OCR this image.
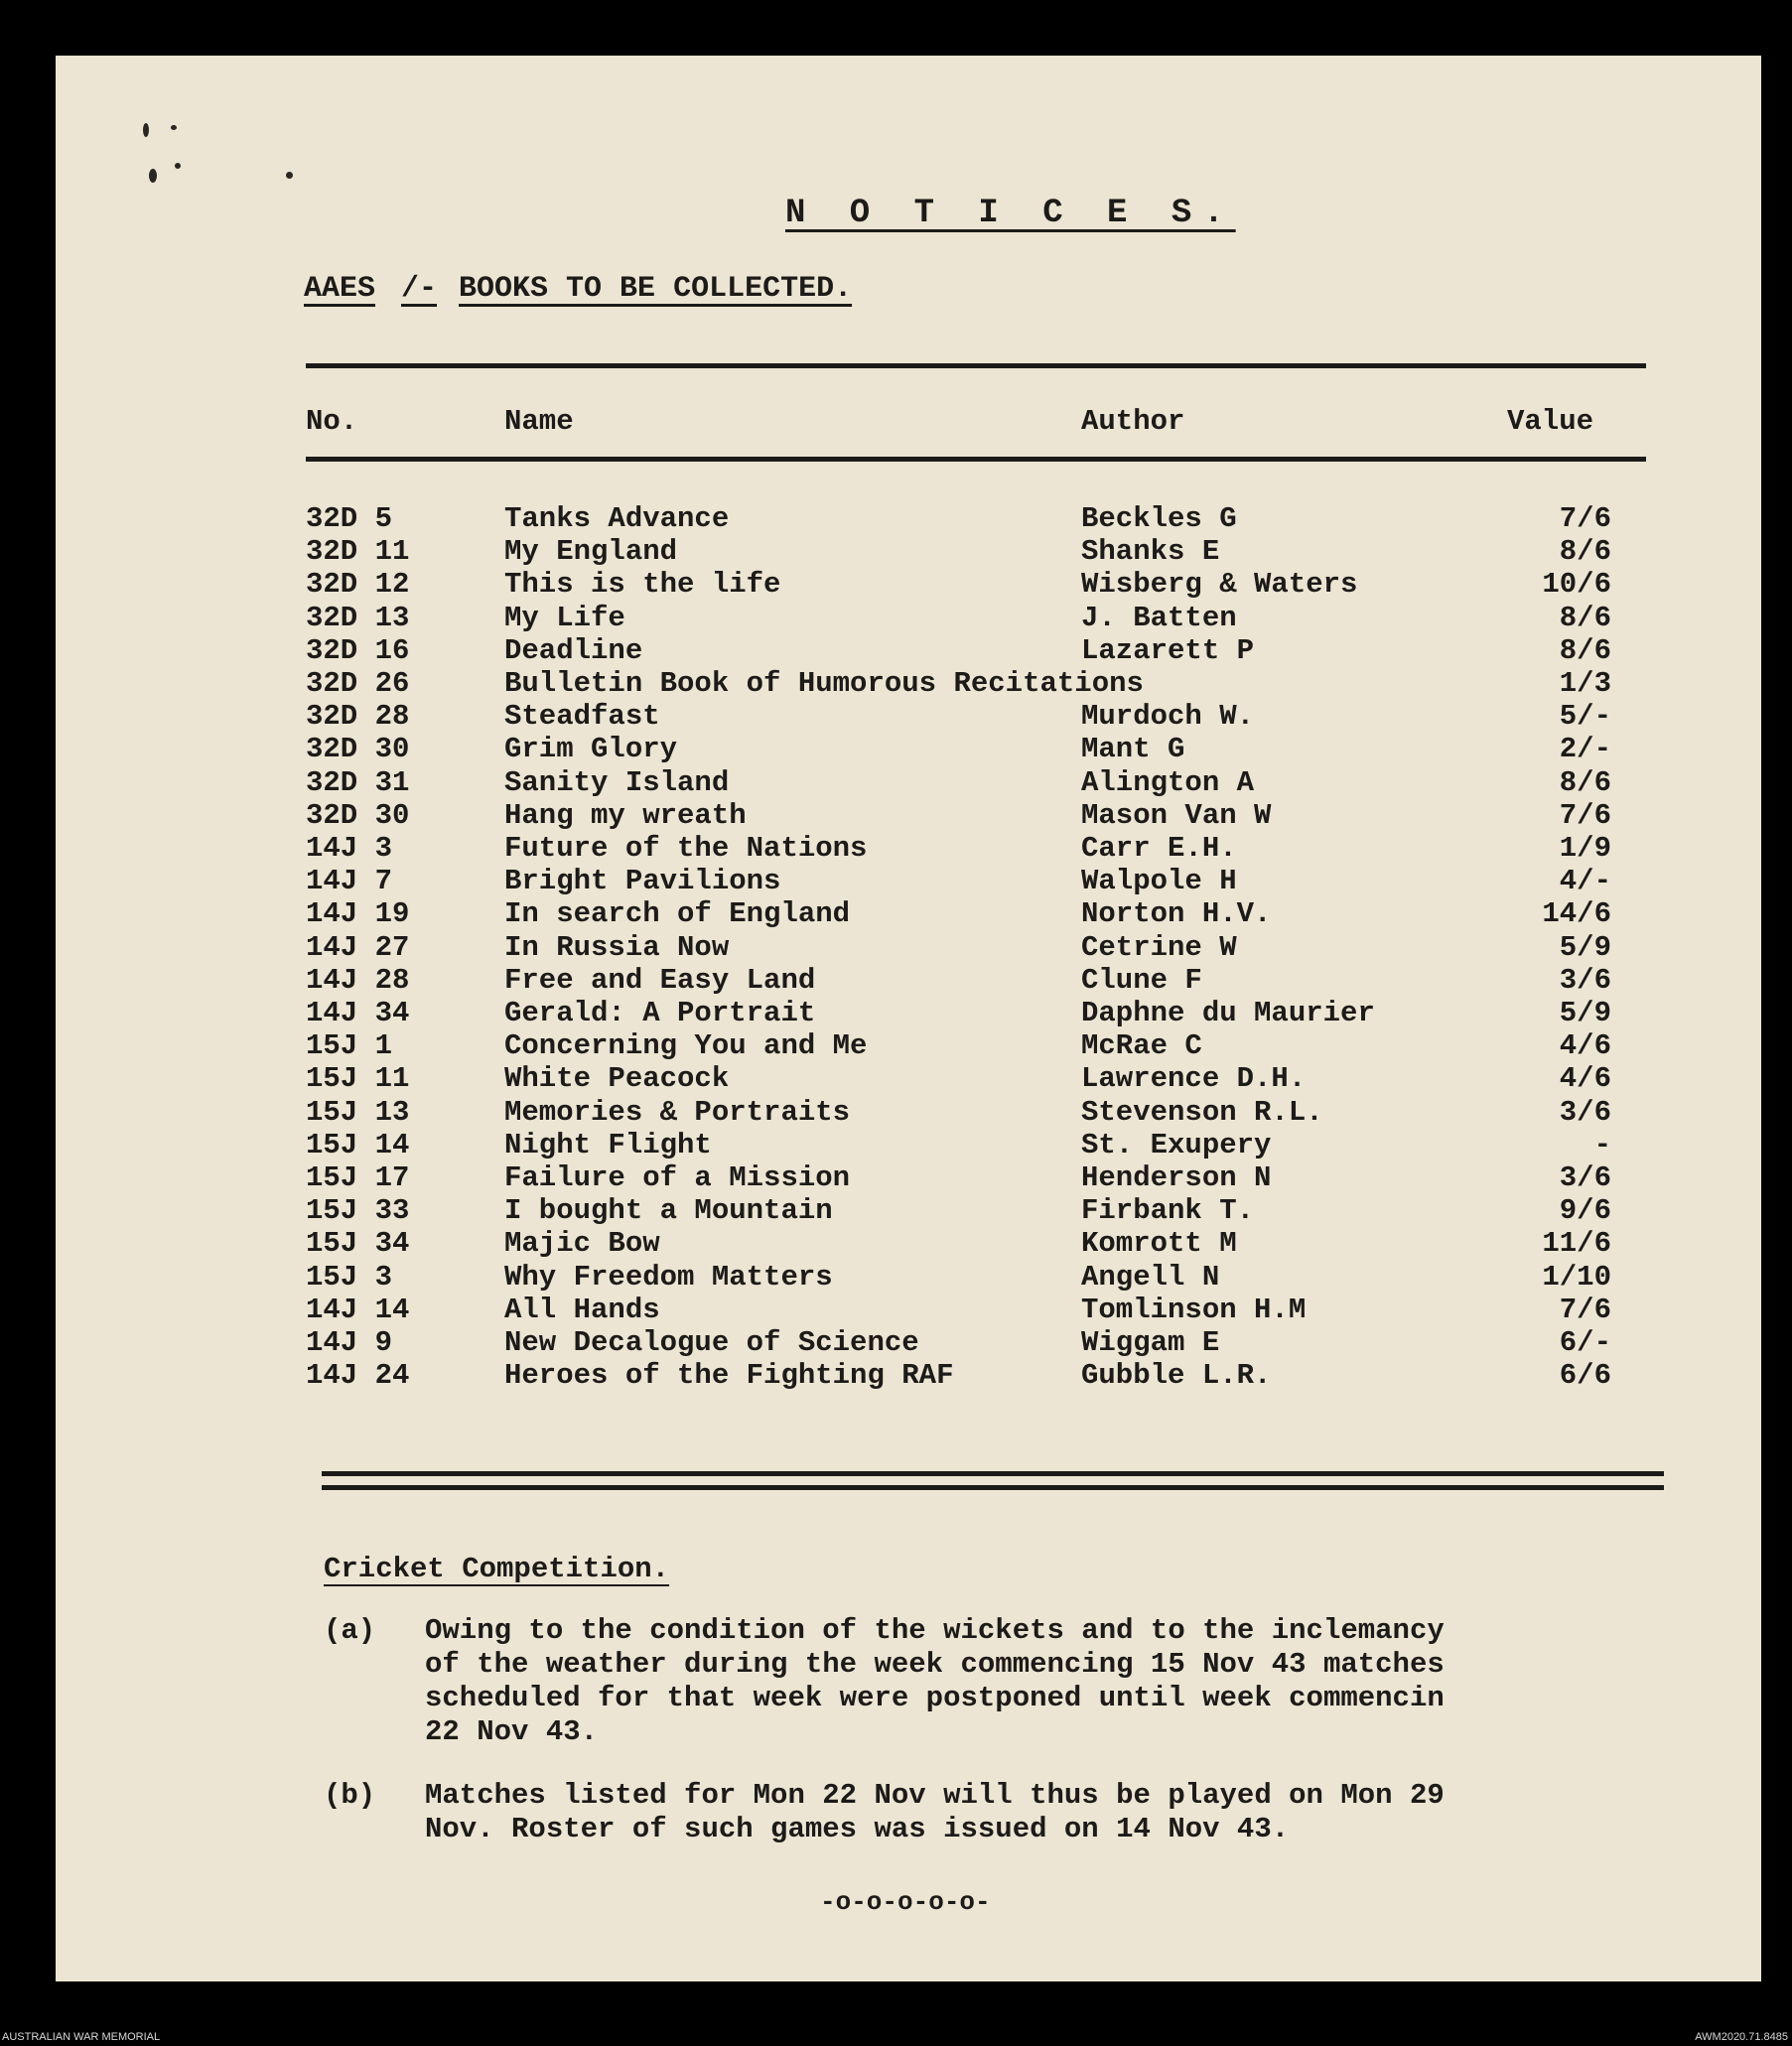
N O T I C E S.
AAES /- BOOKS TO BE COLLECTED.
No.	Name	Author	Value
32D 5	Tanks Advance	Beckles G	7/6
32D 11	My England	Shanks E	8/6
32D 12	This is the life	Wisberg & Waters	10/6
32D 13	My Life	J. Batten	8/6
32D 16	Deadline	Lazarett P	8/6
32D 26	Bulletin Book of Humorous Recitations	1/3
32D 28	Steadfast	Murdoch W.	5/-
32D 30	Grim Glory	Mant G	2/-
32D 31	Sanity Island	Alington A	8/6
32D 30	Hang my wreath	Mason Van W	7/6
14J 3	Future of the Nations	Carr E.H.	1/9
14J 7	Bright Pavilions	Walpole H	4/-
14J 19	In search of England	Norton H.V.	14/6
14J 27	In Russia Now	Cetrine W	5/9
14J 28	Free and Easy Land	Clune F	3/6
14J 34	Gerald: A Portrait	Daphne du Maurier	5/9
15J 1	Concerning You and Me	McRae C	4/6
15J 11	White Peacock	Lawrence D.H.	4/6
15J 13	Memories & Portraits	Stevenson R.L.	3/6
15J 14	Night Flight	St. Exupery	-
15J 17	Failure of a Mission	Henderson N	3/6
15J 33	I bought a Mountain	Firbank T.	9/6
15J 34	Majic Bow	Komrott M	11/6
15J 3	Why Freedom Matters	Angell N	1/10
14J 14	All Hands	Tomlinson H.M	7/6
14J 9	New Decalogue of Science	Wiggam E	6/-
14J 24	Heroes of the Fighting RAF	Gubble L.R.	6/6
Cricket Competition.
(a) Owing to the condition of the wickets and to the inclemancy
of the weather during the week commencing 15 Nov 43 matches
scheduled for that week were postponed until week commencin
22 Nov 43.
(b) Matches listed for Mon 22 Nov will thus be played on Mon 29
Nov. Roster of such games was issued on 14 Nov 43.
-o-o-o-o-o-
AUSTRALIAN WAR MEMORIAL	AWM2020.71.8485
